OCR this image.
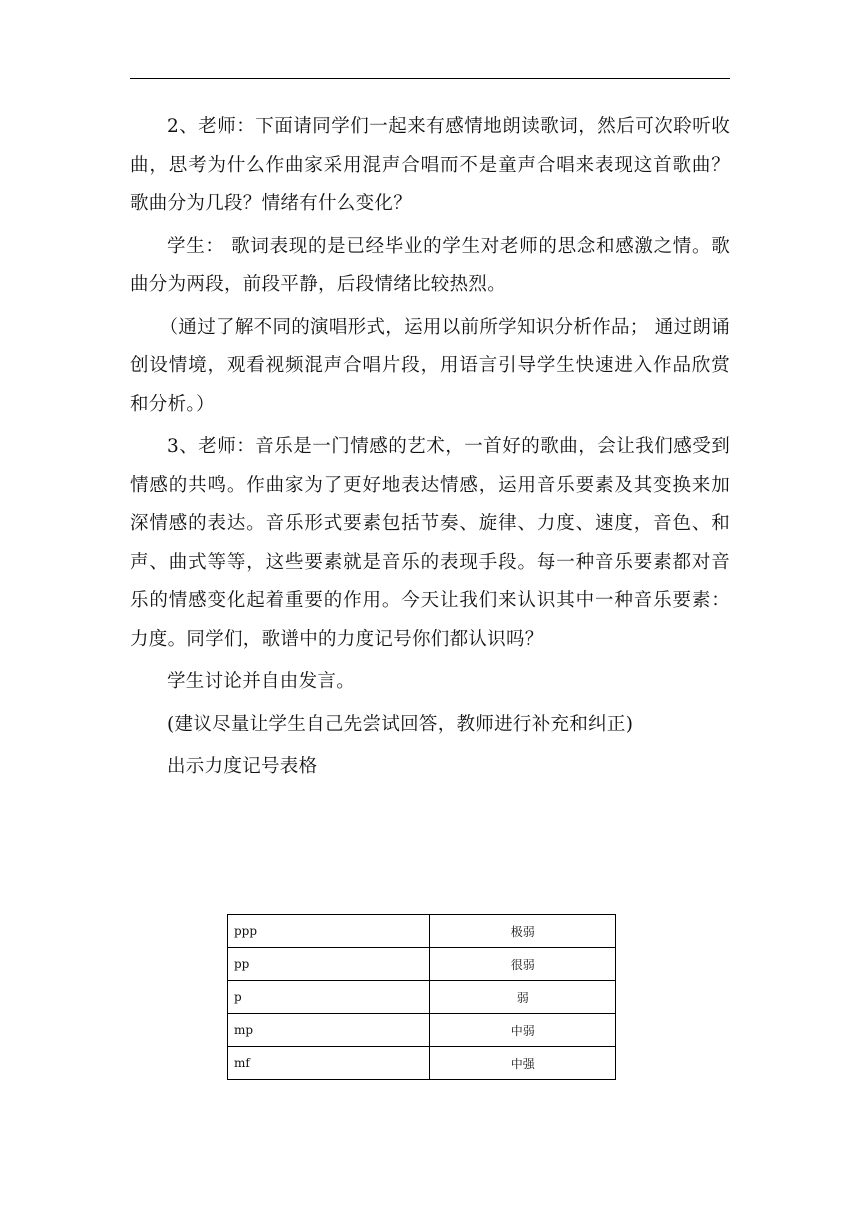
2、老师：下面请同学们一起来有感情地朗读歌词，然后可次聆听收曲，思考为什么作曲家采用混声合唱而不是童声合唱来表现这首歌曲？歌曲分为几段？情绪有什么变化？

学生： 歌词表现的是已经毕业的学生对老师的思念和感激之情。歌曲分为两段，前段平静，后段情绪比较热烈。

（通过了解不同的演唱形式，运用以前所学知识分析作品； 通过朗诵创设情境，观看视频混声合唱片段，用语言引导学生快速进入作品欣赏和分析。）

3、老师：音乐是一门情感的艺术，一首好的歌曲，会让我们感受到情感的共鸣。作曲家为了更好地表达情感，运用音乐要素及其变换来加深情感的表达。音乐形式要素包括节奏、旋律、力度、速度，音色、和声、曲式等等，这些要素就是音乐的表现手段。每一种音乐要素都对音乐的情感变化起着重要的作用。今天让我们来认识其中一种音乐要素：力度。同学们，歌谱中的力度记号你们都认识吗？

学生讨论并自由发言。

(建议尽量让学生自己先尝试回答，教师进行补充和纠正)

出示力度记号表格

ppp	极弱
pp	很弱
p	弱
mp	中弱
mf	中强
